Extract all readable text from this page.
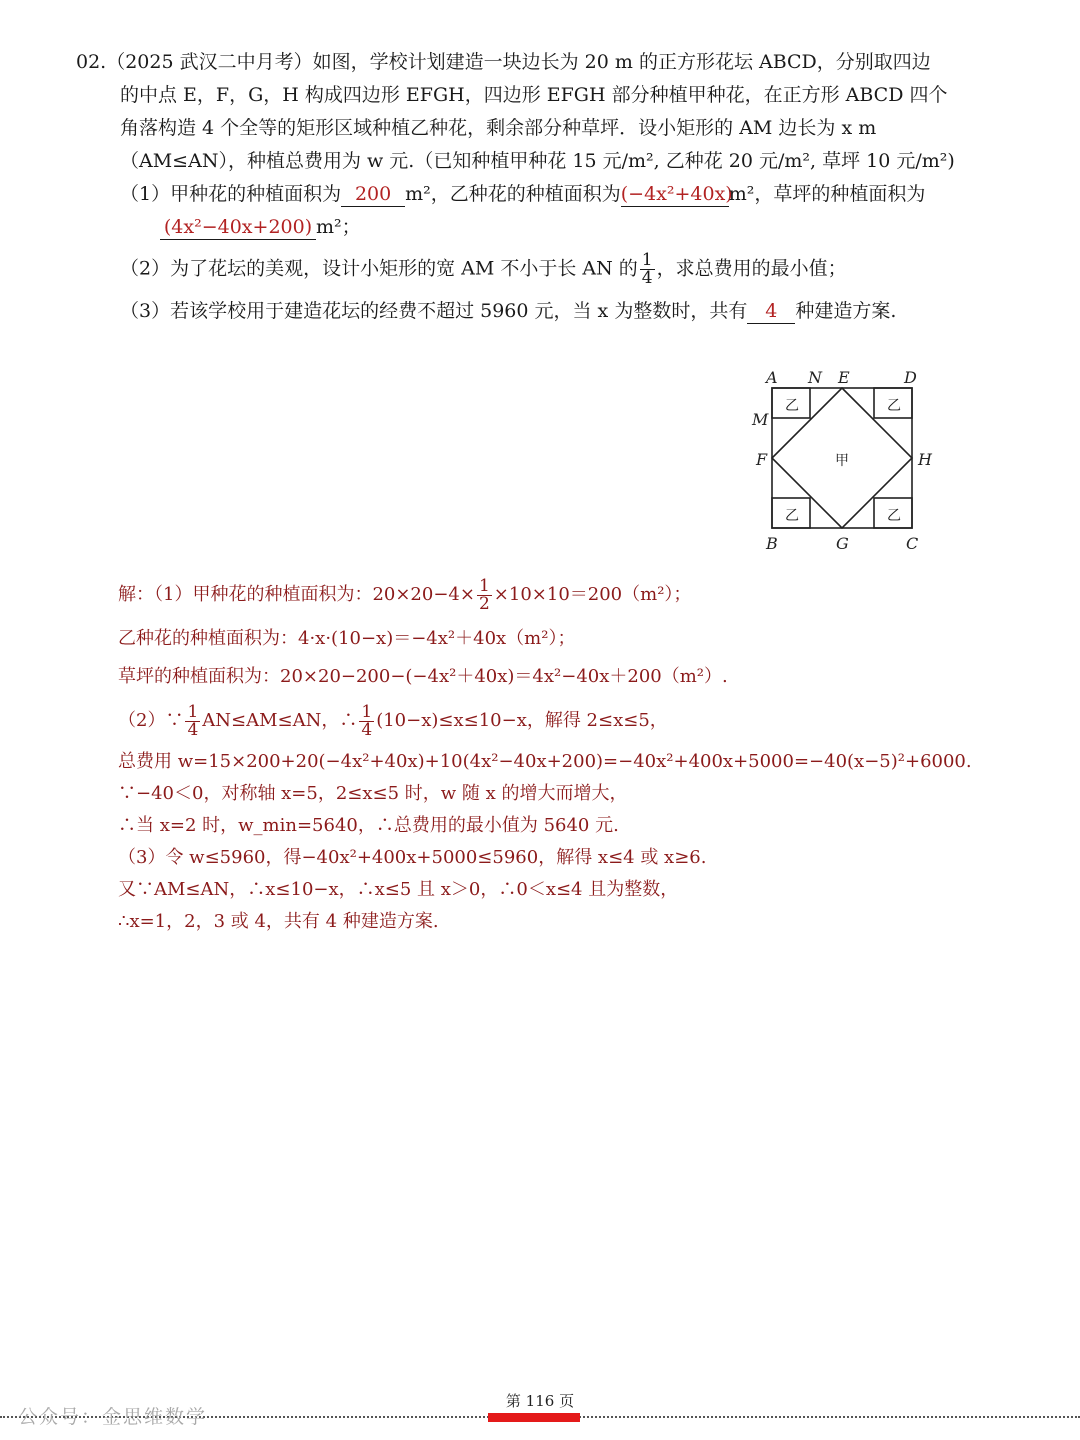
02.（2025 武汉二中月考）如图，学校计划建造一块边长为 20 m 的正方形花坛 ABCD，分别取四边

的中点 E，F，G，H 构成四边形 EFGH，四边形 EFGH 部分种植甲种花，在正方形 ABCD 四个

角落构造 4 个全等的矩形区域种植乙种花，剩余部分种草坪．设小矩形的 AM 边长为 x m

（AM≤AN），种植总费用为 w 元.（已知种植甲种花 15 元/m², 乙种花 20 元/m², 草坪 10 元/m²)

（1）甲种花的种植面积为 200 m²，乙种花的种植面积为(−4x²+40x)m²，草坪的种植面积为

(4x²−40x+200) m²；

（2）为了花坛的美观，设计小矩形的宽 AM 不小于长 AN 的 $\frac{1}{4}$ ，求总费用的最小值；

（3）若该学校用于建造花坛的经费不超过 5960 元，当 x 为整数时，共有 4 种建造方案.

A N E	D
M
F	H
B	G	C
甲
乙	乙
乙	乙

解：（1）甲种花的种植面积为：$20\times 20-4\times \frac{1}{2} \times 10\times 10=200(m^2)$；

乙种花的种植面积为：4·x·(10−x)＝−4x²＋40x（m²）；

草坪的种植面积为：20×20−200−(−4x²＋40x)＝4x²−40x＋200（m²）.

（2）∵ $\frac{1}{4} AN\le AM\le AN$，∴ $\frac{1}{4} (10-x)\le x\le 10-x$，解得 2≤x≤5，

总费用 w=15×200+20(−4x²+40x)+10(4x²−40x+200)=−40x²+400x+5000=−40(x−5)²+6000.

∵−40＜0，对称轴 x=5，2≤x≤5 时，w 随 x 的增大而增大，

∴当 x=2 时，w_min=5640，∴总费用的最小值为 5640 元.

（3）令 w≤5960，得−40x²+400x+5000≤5960，解得 x≤4 或 x≥6.

又∵AM≤AN，∴x≤10−x，∴x≤5 且 x＞0，∴0＜x≤4 且为整数，

∴x=1，2，3 或 4，共有 4 种建造方案.

第 116 页
公众号：金思维数学
